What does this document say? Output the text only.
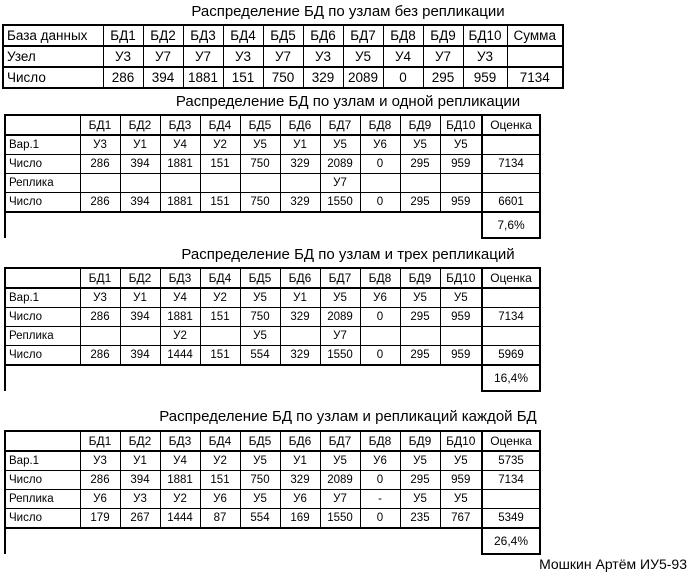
Распределение БД по узлам без репликации
База данных	БД1	БД2	БД3	БД4	БД5	БД6	БД7	БД8	БД9	БД10	Сумма
Узел	У3	У7	У7	У3	У7	У3	У5	У4	У7	У3	
Число	286	394	1881	151	750	329	2089	0	295	959	7134
Распределение БД по узлам и одной репликации
	БД1	БД2	БД3	БД4	БД5	БД6	БД7	БД8	БД9	БД10	Оценка
Вар.1	У3	У1	У4	У2	У5	У1	У5	У6	У5	У5	
Число	286	394	1881	151	750	329	2089	0	295	959	7134
Реплика							У7				
Число	286	394	1881	151	750	329	1550	0	295	959	6601
											7,6%
Распределение БД по узлам и трех репликаций
	БД1	БД2	БД3	БД4	БД5	БД6	БД7	БД8	БД9	БД10	Оценка
Вар.1	У3	У1	У4	У2	У5	У1	У5	У6	У5	У5	
Число	286	394	1881	151	750	329	2089	0	295	959	7134
Реплика			У2		У5		У7				
Число	286	394	1444	151	554	329	1550	0	295	959	5969
											16,4%
Распределение БД по узлам и репликаций каждой БД
	БД1	БД2	БД3	БД4	БД5	БД6	БД7	БД8	БД9	БД10	Оценка
Вар.1	У3	У1	У4	У2	У5	У1	У5	У6	У5	У5	5735
Число	286	394	1881	151	750	329	2089	0	295	959	7134
Реплика	У6	У3	У2	У6	У5	У6	У7	-	У5	У5	
Число	179	267	1444	87	554	169	1550	0	235	767	5349
											26,4%
Мошкин Артём ИУ5-93
